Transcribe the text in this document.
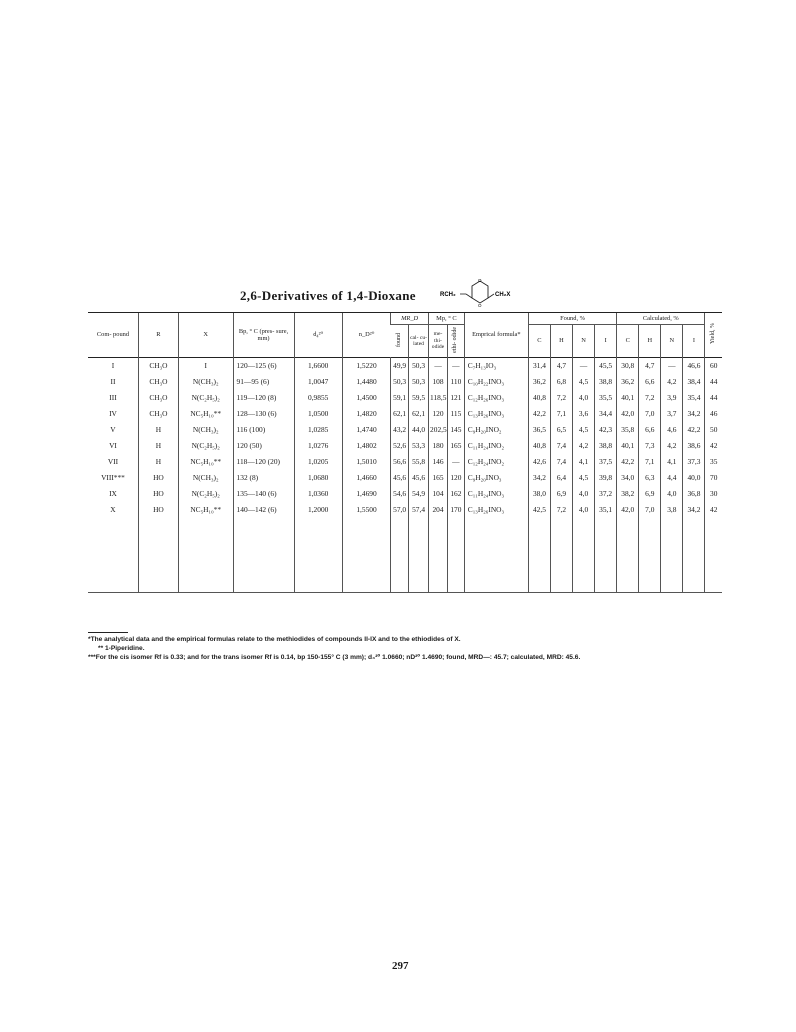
2,6-Derivatives of 1,4-Dioxane	RCH₂
O
O
CH₂X
Com- pound	R	X	Bp, ° C (pres- sure, mm)	d₄²⁰	n_D²⁰	MR_D		Mp, ° C		Emprical formula*	Found, %				Calculated, %				Yield, %
						found	cal- cu- lated	me- thi- odide	ethi- odide		C	H	N	I	C	H	N	I	
I	CH₃O	I	120—125 (6)	1,6600	1,5220	49,9	50,3	—	—	C₇H₁₃IO₃	31,4	4,7	—	45,5	30,8	4,7	—	46,6	60
II	CH₃O	N(CH₃)₂	91—95 (6)	1,0047	1,4480	50,3	50,3	108	110	C₁₀H₂₂INO₃	36,2	6,8	4,5	38,8	36,2	6,6	4,2	38,4	44
III	CH₃O	N(C₂H₅)₂	119—120 (8)	0,9855	1,4500	59,1	59,5	118,5	121	C₁₂H₂₆INO₃	40,8	7,2	4,0	35,5	40,1	7,2	3,9	35,4	44
IV	CH₃O	NC₅H₁₀**	128—130 (6)	1,0500	1,4820	62,1	62,1	120	115	C₁₃H₂₆INO₃	42,2	7,1	3,6	34,4	42,0	7,0	3,7	34,2	46
V	H	N(CH₃)₂	116 (100)	1,0285	1,4740	43,2	44,0	202,5	145	C₉H₂₀INO₂	36,5	6,5	4,5	42,3	35,8	6,6	4,6	42,2	50
VI	H	N(C₂H₅)₂	120 (50)	1,0276	1,4802	52,6	53,3	180	165	C₁₁H₂₄INO₂	40,8	7,4	4,2	38,8	40,1	7,3	4,2	38,6	42
VII	H	NC₅H₁₀**	118—120 (20)	1,0205	1,5010	56,6	55,8	146	—	C₁₂H₂₄INO₂	42,6	7,4	4,1	37,5	42,2	7,1	4,1	37,3	35
VIII***	HO	N(CH₃)₂	132 (8)	1,0680	1,4660	45,6	45,6	165	120	C₉H₂₀INO₃	34,2	6,4	4,5	39,8	34,0	6,3	4,4	40,0	70
IX	HO	N(C₂H₅)₂	135—140 (6)	1,0360	1,4690	54,6	54,9	104	162	C₁₁H₂₄INO₃	38,0	6,9	4,0	37,2	38,2	6,9	4,0	36,8	30
X	HO	NC₅H₁₀**	140—142 (6)	1,2000	1,5500	57,0	57,4	204	170	C₁₃H₂₆INO₃	42,5	7,2	4,0	35,1	42,0	7,0	3,8	34,2	42

*The analytical data and the empirical formulas relate to the methiodides of compounds II-IX and to the ethiodides of X.
** 1-Piperidine.
***For the cis isomer Rf is 0.33; and for the trans isomer Rf is 0.14, bp 150-155° C (3 mm); d₄²⁰ 1.0660; nD²⁰ 1.4690; found, MRD—: 45.7; calculated, MRD: 45.6.
297
